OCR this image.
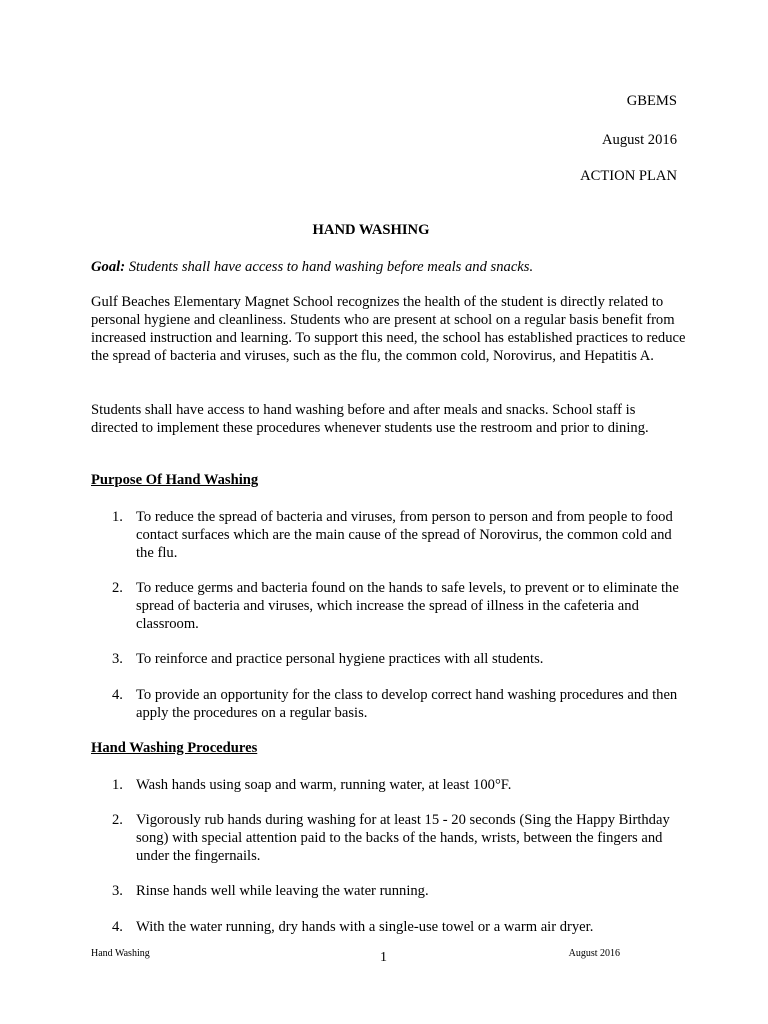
GBEMS
August 2016
ACTION PLAN
HAND WASHING
Goal: Students shall have access to hand washing before meals and snacks.
Gulf Beaches Elementary Magnet School recognizes the health of the student is directly related to personal hygiene and cleanliness. Students who are present at school on a regular basis benefit from increased instruction and learning. To support this need, the school has established practices to reduce the spread of bacteria and viruses, such as the flu, the common cold, Norovirus, and Hepatitis A.
Students shall have access to hand washing before and after meals and snacks. School staff is directed to implement these procedures whenever students use the restroom and prior to dining.
Purpose Of Hand Washing
1. To reduce the spread of bacteria and viruses, from person to person and from people to food contact surfaces which are the main cause of the spread of Norovirus, the common cold and the flu.
2. To reduce germs and bacteria found on the hands to safe levels, to prevent or to eliminate the spread of bacteria and viruses, which increase the spread of illness in the cafeteria and classroom.
3. To reinforce and practice personal hygiene practices with all students.
4. To provide an opportunity for the class to develop correct hand washing procedures and then apply the procedures on a regular basis.
Hand Washing Procedures
1. Wash hands using soap and warm, running water, at least 100°F.
2. Vigorously rub hands during washing for at least 15 - 20 seconds (Sing the Happy Birthday song) with special attention paid to the backs of the hands, wrists, between the fingers and under the fingernails.
3. Rinse hands well while leaving the water running.
4. With the water running, dry hands with a single-use towel or a warm air dryer.
Hand Washing	1	August 2016
